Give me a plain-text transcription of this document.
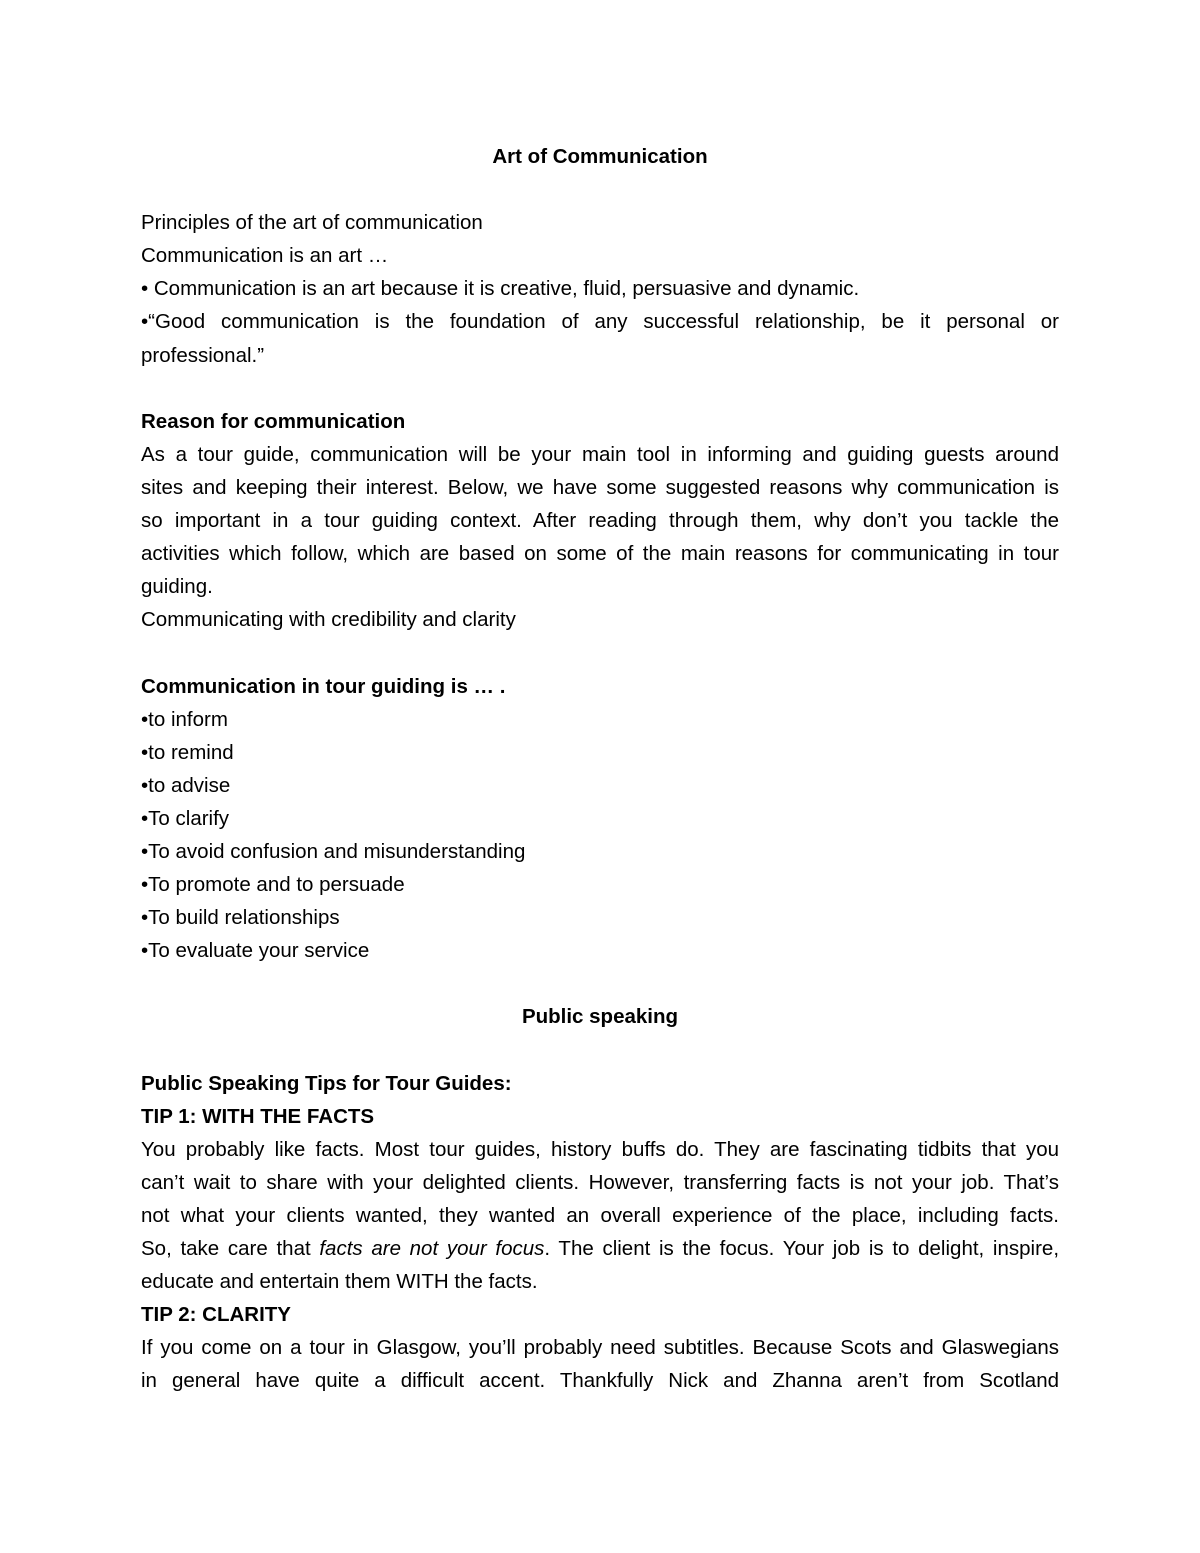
Art of Communication
Principles of the art of communication
Communication is an art …
• Communication is an art because it is creative, fluid, persuasive and dynamic.
•“Good communication is the foundation of any successful relationship, be it personal or
professional.”
Reason for communication
As a tour guide, communication will be your main tool in informing and guiding guests around
sites and keeping their interest. Below, we have some suggested reasons why communication is
so important in a tour guiding context. After reading through them, why don’t you tackle the
activities which follow, which are based on some of the main reasons for communicating in tour
guiding.
Communicating with credibility and clarity
Communication in tour guiding is … .
•to inform
•to remind
•to advise
•To clarify
•To avoid confusion and misunderstanding
•To promote and to persuade
•To build relationships
•To evaluate your service
Public speaking
Public Speaking Tips for Tour Guides:
TIP 1: WITH THE FACTS
You probably like facts. Most tour guides, history buffs do. They are fascinating tidbits that you
can’t wait to share with your delighted clients. However, transferring facts is not your job. That’s
not what your clients wanted, they wanted an overall experience of the place, including facts.
So, take care that facts are not your focus. The client is the focus. Your job is to delight, inspire,
educate and entertain them WITH the facts.
TIP 2: CLARITY
If you come on a tour in Glasgow, you’ll probably need subtitles. Because Scots and Glaswegians
in general have quite a difficult accent. Thankfully Nick and Zhanna aren’t from Scotland
